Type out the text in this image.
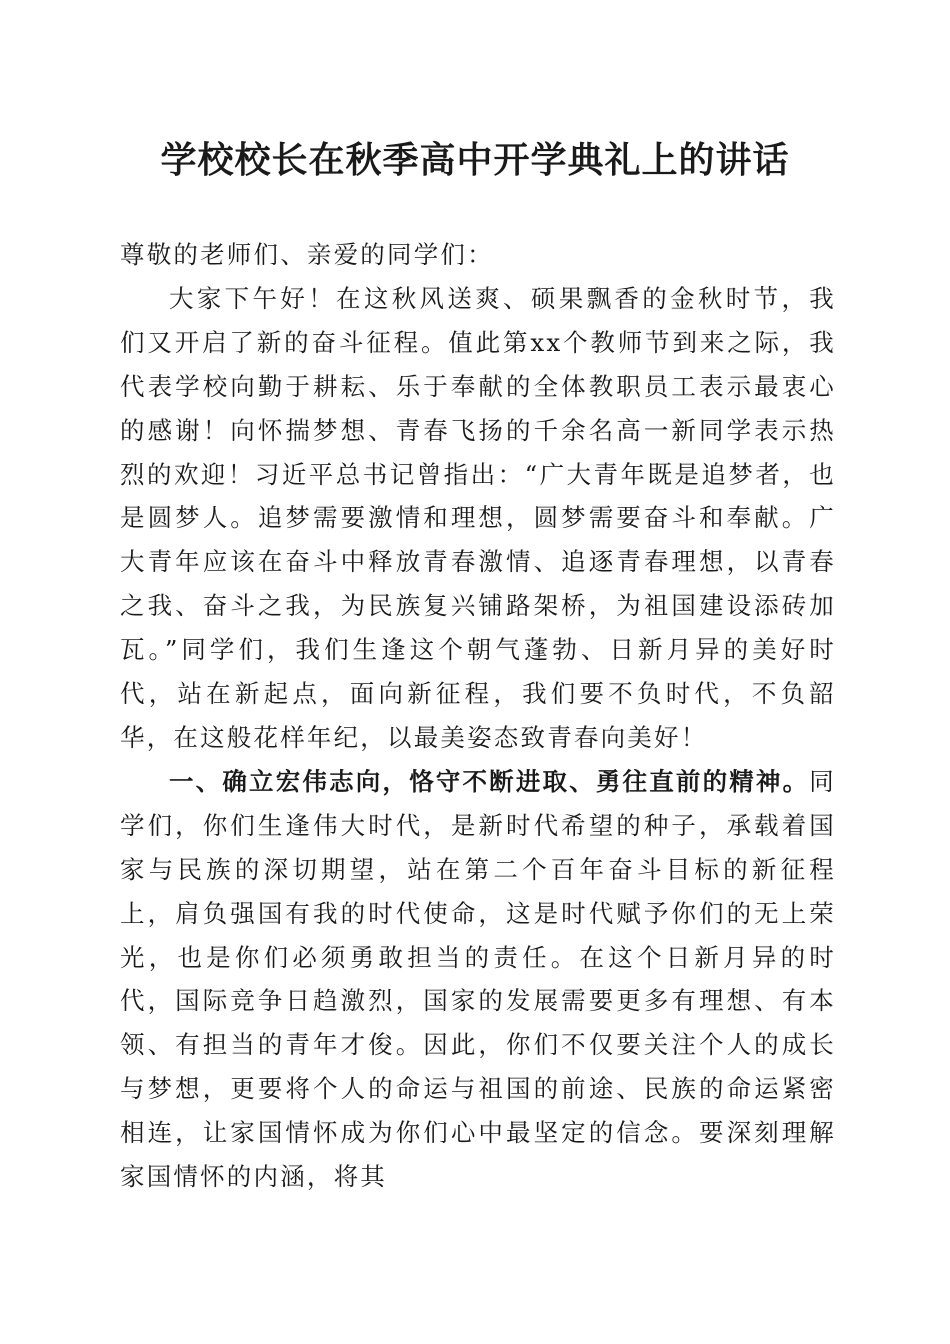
学校校长在秋季高中开学典礼上的讲话

尊敬的老师们、亲爱的同学们：

大家下午好！在这秋风送爽、硕果飘香的金秋时节，我们又开启了新的奋斗征程。值此第xx个教师节到来之际，我代表学校向勤于耕耘、乐于奉献的全体教职员工表示最衷心的感谢！向怀揣梦想、青春飞扬的千余名高一新同学表示热烈的欢迎！习近平总书记曾指出：“广大青年既是追梦者，也是圆梦人。追梦需要激情和理想，圆梦需要奋斗和奉献。广大青年应该在奋斗中释放青春激情、追逐青春理想，以青春之我、奋斗之我，为民族复兴铺路架桥，为祖国建设添砖加瓦。”同学们，我们生逢这个朝气蓬勃、日新月异的美好时代，站在新起点，面向新征程，我们要不负时代，不负韶华，在这般花样年纪，以最美姿态致青春向美好！

一、确立宏伟志向，恪守不断进取、勇往直前的精神。同学们，你们生逢伟大时代，是新时代希望的种子，承载着国家与民族的深切期望，站在第二个百年奋斗目标的新征程上，肩负强国有我的时代使命，这是时代赋予你们的无上荣光，也是你们必须勇敢担当的责任。在这个日新月异的时代，国际竞争日趋激烈，国家的发展需要更多有理想、有本领、有担当的青年才俊。因此，你们不仅要关注个人的成长与梦想，更要将个人的命运与祖国的前途、民族的命运紧密相连，让家国情怀成为你们心中最坚定的信念。要深刻理解家国情怀的内涵，将其
